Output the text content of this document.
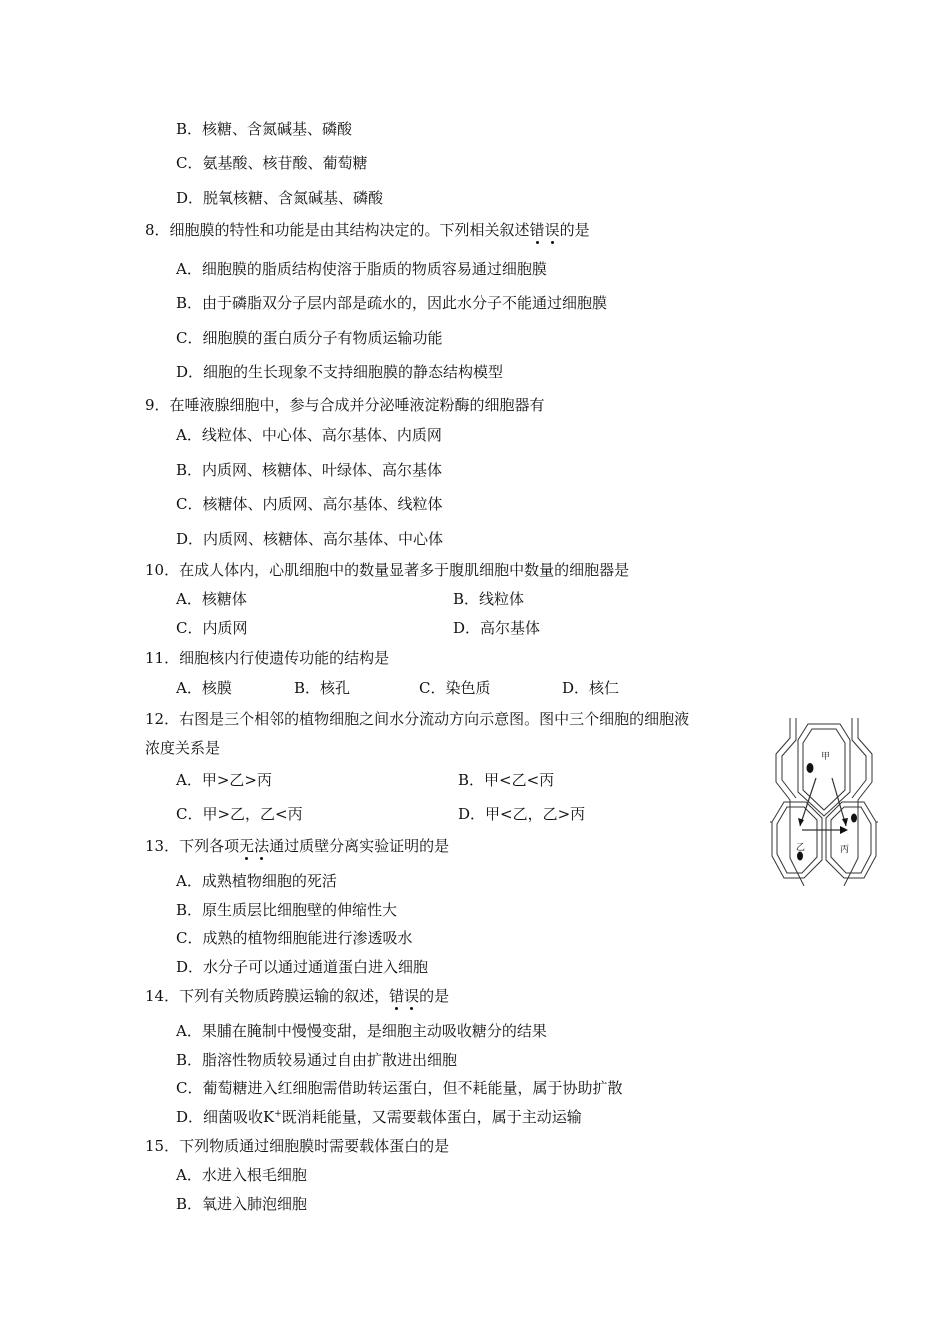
B．核糖、含氮碱基、磷酸
C．氨基酸、核苷酸、葡萄糖
D．脱氧核糖、含氮碱基、磷酸
8．细胞膜的特性和功能是由其结构决定的。下列相关叙述错误的是
A．细胞膜的脂质结构使溶于脂质的物质容易通过细胞膜
B．由于磷脂双分子层内部是疏水的，因此水分子不能通过细胞膜
C．细胞膜的蛋白质分子有物质运输功能
D．细胞的生长现象不支持细胞膜的静态结构模型
9．在唾液腺细胞中，参与合成并分泌唾液淀粉酶的细胞器有
A．线粒体、中心体、高尔基体、内质网
B．内质网、核糖体、叶绿体、高尔基体
C．核糖体、内质网、高尔基体、线粒体
D．内质网、核糖体、高尔基体、中心体
10．在成人体内，心肌细胞中的数量显著多于腹肌细胞中数量的细胞器是
A．核糖体	B．线粒体
C．内质网	D．高尔基体
11．细胞核内行使遗传功能的结构是
A．核膜	B．核孔	C．染色质	D．核仁
12．右图是三个相邻的植物细胞之间水分流动方向示意图。图中三个细胞的细胞液
浓度关系是
A．甲>乙>丙	B．甲<乙<丙
C．甲>乙，乙<丙	D．甲<乙，乙>丙
甲
乙	丙
13．下列各项无法通过质壁分离实验证明的是
A．成熟植物细胞的死活
B．原生质层比细胞壁的伸缩性大
C．成熟的植物细胞能进行渗透吸水
D．水分子可以通过通道蛋白进入细胞
14．下列有关物质跨膜运输的叙述，错误的是
A．果脯在腌制中慢慢变甜，是细胞主动吸收糖分的结果
B．脂溶性物质较易通过自由扩散进出细胞
C．葡萄糖进入红细胞需借助转运蛋白，但不耗能量，属于协助扩散
D．细菌吸收K+既消耗能量，又需要载体蛋白，属于主动运输
15．下列物质通过细胞膜时需要载体蛋白的是
A．水进入根毛细胞
B．氧进入肺泡细胞
